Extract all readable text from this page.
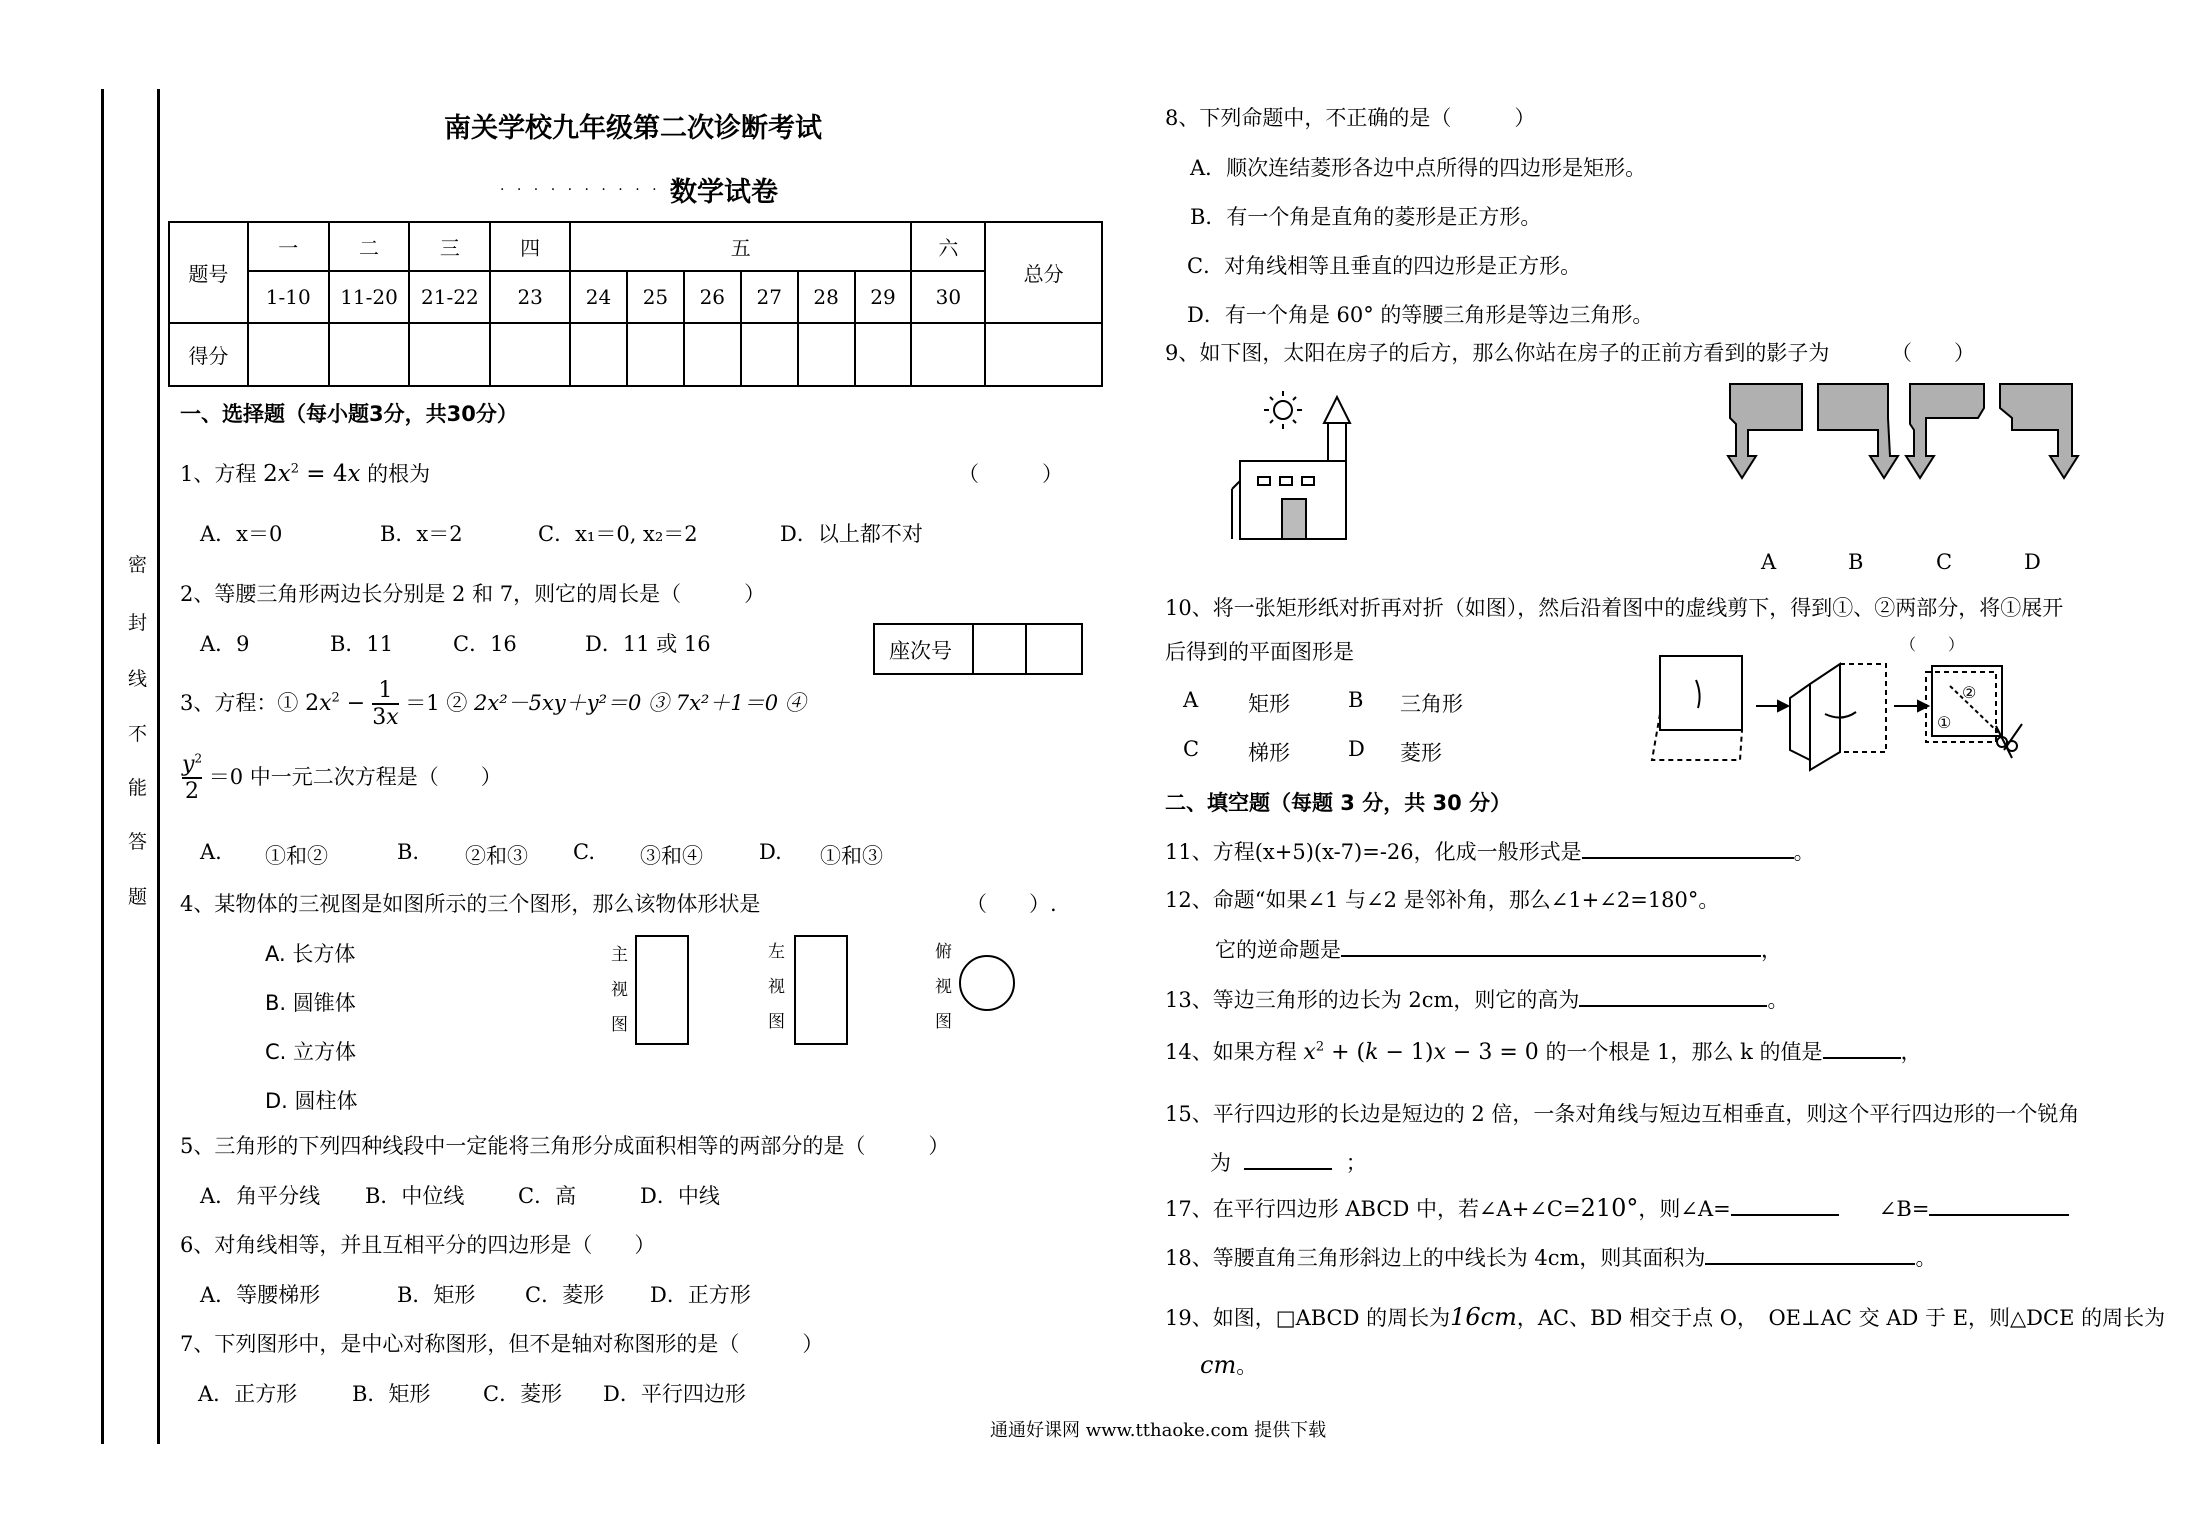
密
封
线
不
能
答
题
南关学校九年级第二次诊断考试
. . . . . . . . . . .
数学试卷
题号	一	二	三	四	五						六	总分
	1-10	11-20	21-22	23	24	25	26	27	28	29	30	
得分												
一、选择题（每小题3分，共30分）
1、方程 $2x^2 = 4x$ 的根为	（　　　）
A．x＝0	B．x＝2	C．x₁＝0, x₂＝2	D．以上都不对
2、等腰三角形两边长分别是 2 和 7，则它的周长是（　　　）
A．9	B．11	C．16	D．11 或 16	座次号
3、方程：① $2x^2 - \frac{1}{3x} =1$ ② 2x²－5xy＋y²＝0 ③ 7x²＋1＝0 ④
$\frac{y^2}{2} =0$ 中一元二次方程是（　　）
A. ①和②	B. ②和③ C. ③和④	D. ①和③
4、某物体的三视图是如图所示的三个图形，那么该物体形状是	（　　）.
A. 长方体
B. 圆锥体
C. 立方体
D. 圆柱体
主
视
图
左
视
图
俯
视
图
5、三角形的下列四种线段中一定能将三角形分成面积相等的两部分的是（　　　）
A．角平分线 B．中位线	C．高	D．中线
6、对角线相等，并且互相平分的四边形是（　　）
A．等腰梯形	B．矩形 C．菱形 D．正方形
7、下列图形中，是中心对称图形，但不是轴对称图形的是（　　　）
A．正方形	B．矩形	C．菱形 D．平行四边形
8、下列命题中，不正确的是（　　　）
A．顺次连结菱形各边中点所得的四边形是矩形。
B．有一个角是直角的菱形是正方形。
C．对角线相等且垂直的四边形是正方形。
D．有一个角是 60° 的等腰三角形是等边三角形。
9、如下图，太阳在房子的后方，那么你站在房子的正前方看到的影子为	（　　）
A	B	C	D
10、将一张矩形纸对折再对折（如图），然后沿着图中的虚线剪下，得到①、②两部分，将①展开
后得到的平面图形是	（　　）
A 矩形	B 三角形
C 梯形	D 菱形
②
①
二、填空题（每题 3 分，共 30 分）
11、方程(x+5)(x-7)=-26，化成一般形式是	。
12、命题“如果∠1 与∠2 是邻补角，那么∠1+∠2=180°。
它的逆命题是	，
13、等边三角形的边长为 2cm，则它的高为	。
14、如果方程 $x^2 + (k - 1)x - 3 = 0$ 的一个根是 1，那么 k 的值是	，
15、平行四边形的长边是短边的 2 倍，一条对角线与短边互相垂直，则这个平行四边形的一个锐角
为	；
17、在平行四边形 ABCD 中，若∠A+∠C=210°，则∠A=	∠B=
18、等腰直角三角形斜边上的中线长为 4cm，则其面积为	。
19、如图，□ABCD 的周长为16cm，AC、BD 相交于点 O，　OE⊥AC 交 AD 于 E，则△DCE 的周长为
cm。
通通好课网 www.tthaoke.com 提供下载
